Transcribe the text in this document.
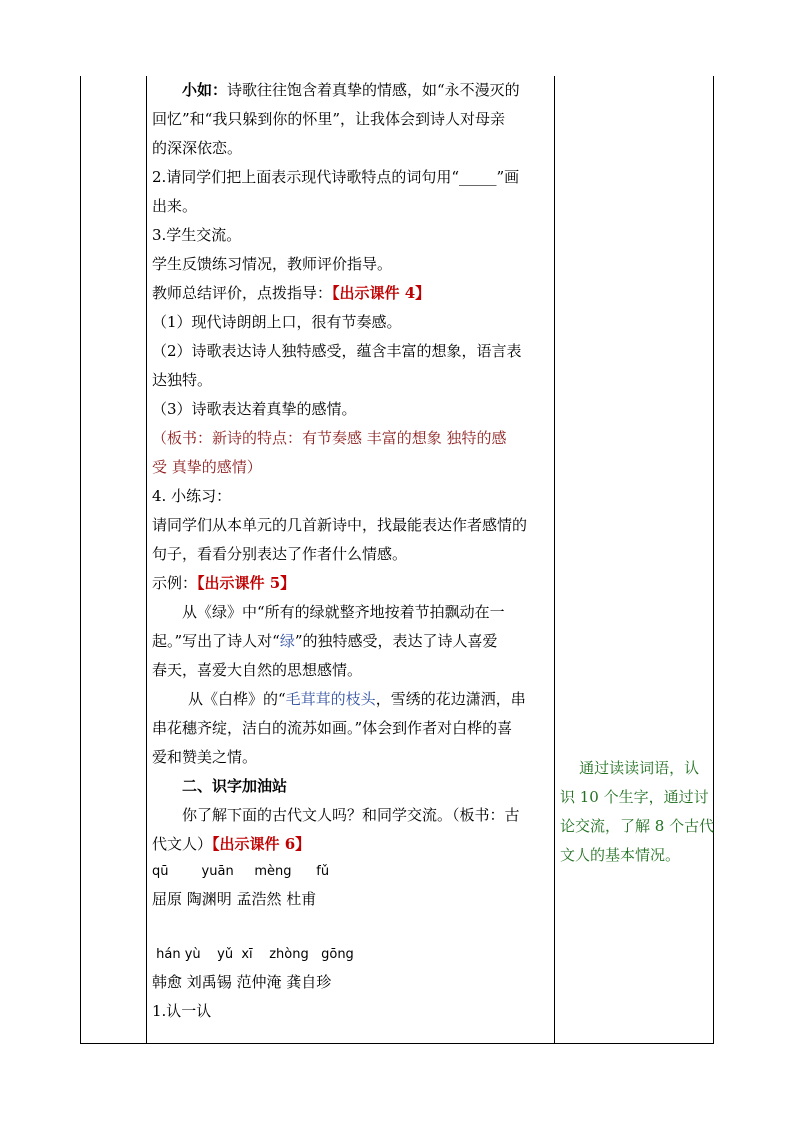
小如：诗歌往往饱含着真挚的情感，如“永不漫灭的

回忆”和“我只躲到你的怀里”，让我体会到诗人对母亲

的深深依恋。

2.请同学们把上面表示现代诗歌特点的词句用“_____”画

出来。

3.学生交流。

学生反馈练习情况，教师评价指导。

教师总结评价，点拨指导：【出示课件 4】

（1）现代诗朗朗上口，很有节奏感。

（2）诗歌表达诗人独特感受，蕴含丰富的想象，语言表

达独特。

（3）诗歌表达着真挚的感情。

（板书：新诗的特点：有节奏感 丰富的想象 独特的感

受 真挚的感情）

4. 小练习：

请同学们从本单元的几首新诗中，找最能表达作者感情的

句子，看看分别表达了作者什么情感。

示例：【出示课件 5】

从《绿》中“所有的绿就整齐地按着节拍飘动在一

起。”写出了诗人对“绿”的独特感受，表达了诗人喜爱

春天，喜爱大自然的思想感情。

从《白桦》的“毛茸茸的枝头，雪绣的花边潇洒，串

串花穗齐绽，洁白的流苏如画。”体会到作者对白桦的喜

爱和赞美之情。

二、识字加油站

你了解下面的古代文人吗？和同学交流。（板书：古

代文人）【出示课件 6】

qū        yuān     mèng      fǔ

屈原 陶渊明 孟浩然 杜甫

hán yù    yǔ  xī    zhòng   gōng

韩愈 刘禹锡 范仲淹 龚自珍

1.认一认

通过读读词语，认

识 10 个生字，通过讨

论交流，了解 8 个古代

文人的基本情况。
